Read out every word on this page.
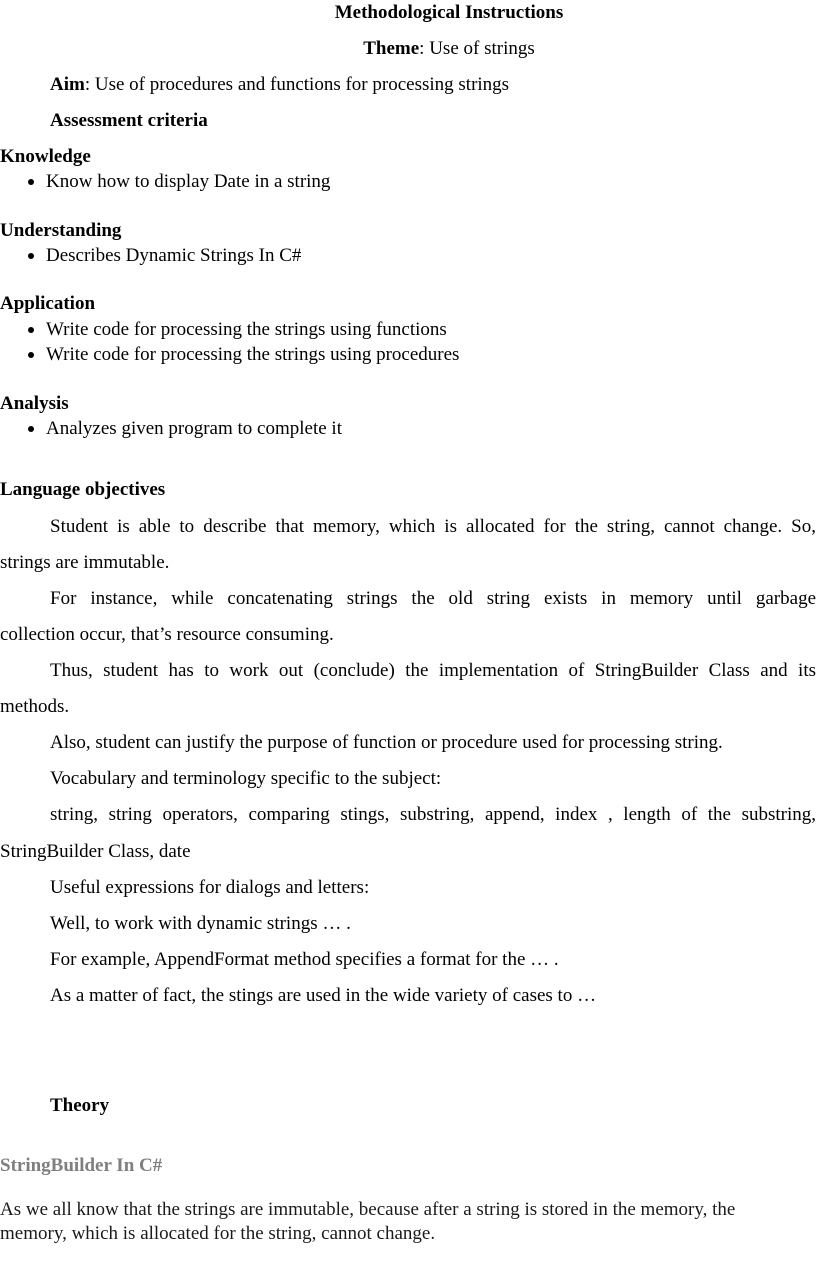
Methodological Instructions
Theme: Use of strings
Aim: Use of procedures and functions for processing strings
Assessment criteria
Knowledge
Know how to display Date in a string
Understanding
Describes Dynamic Strings In C#
Application
Write code for processing the strings using functions
Write code for processing the strings using procedures
Analysis
Analyzes given program to complete it
Language objectives
Student is able to describe that memory, which is allocated for the string, cannot change. So,
strings are immutable.
For instance, while concatenating strings the old string exists in memory until garbage
collection occur, that’s resource consuming.
Thus, student has to work out (conclude) the implementation of StringBuilder Class and its
methods.
Also, student can justify the purpose of function or procedure used for processing string.
Vocabulary and terminology specific to the subject:
string, string operators, comparing stings, substring, append, index , length of the substring,
StringBuilder Class, date
Useful expressions for dialogs and letters:
Well, to work with dynamic strings … .
For example, AppendFormat method specifies a format for the … .
As a matter of fact, the stings are used in the wide variety of cases to …
Theory
StringBuilder In C#
As we all know that the strings are immutable, because after a string is stored in the memory, the
memory, which is allocated for the string, cannot change.
